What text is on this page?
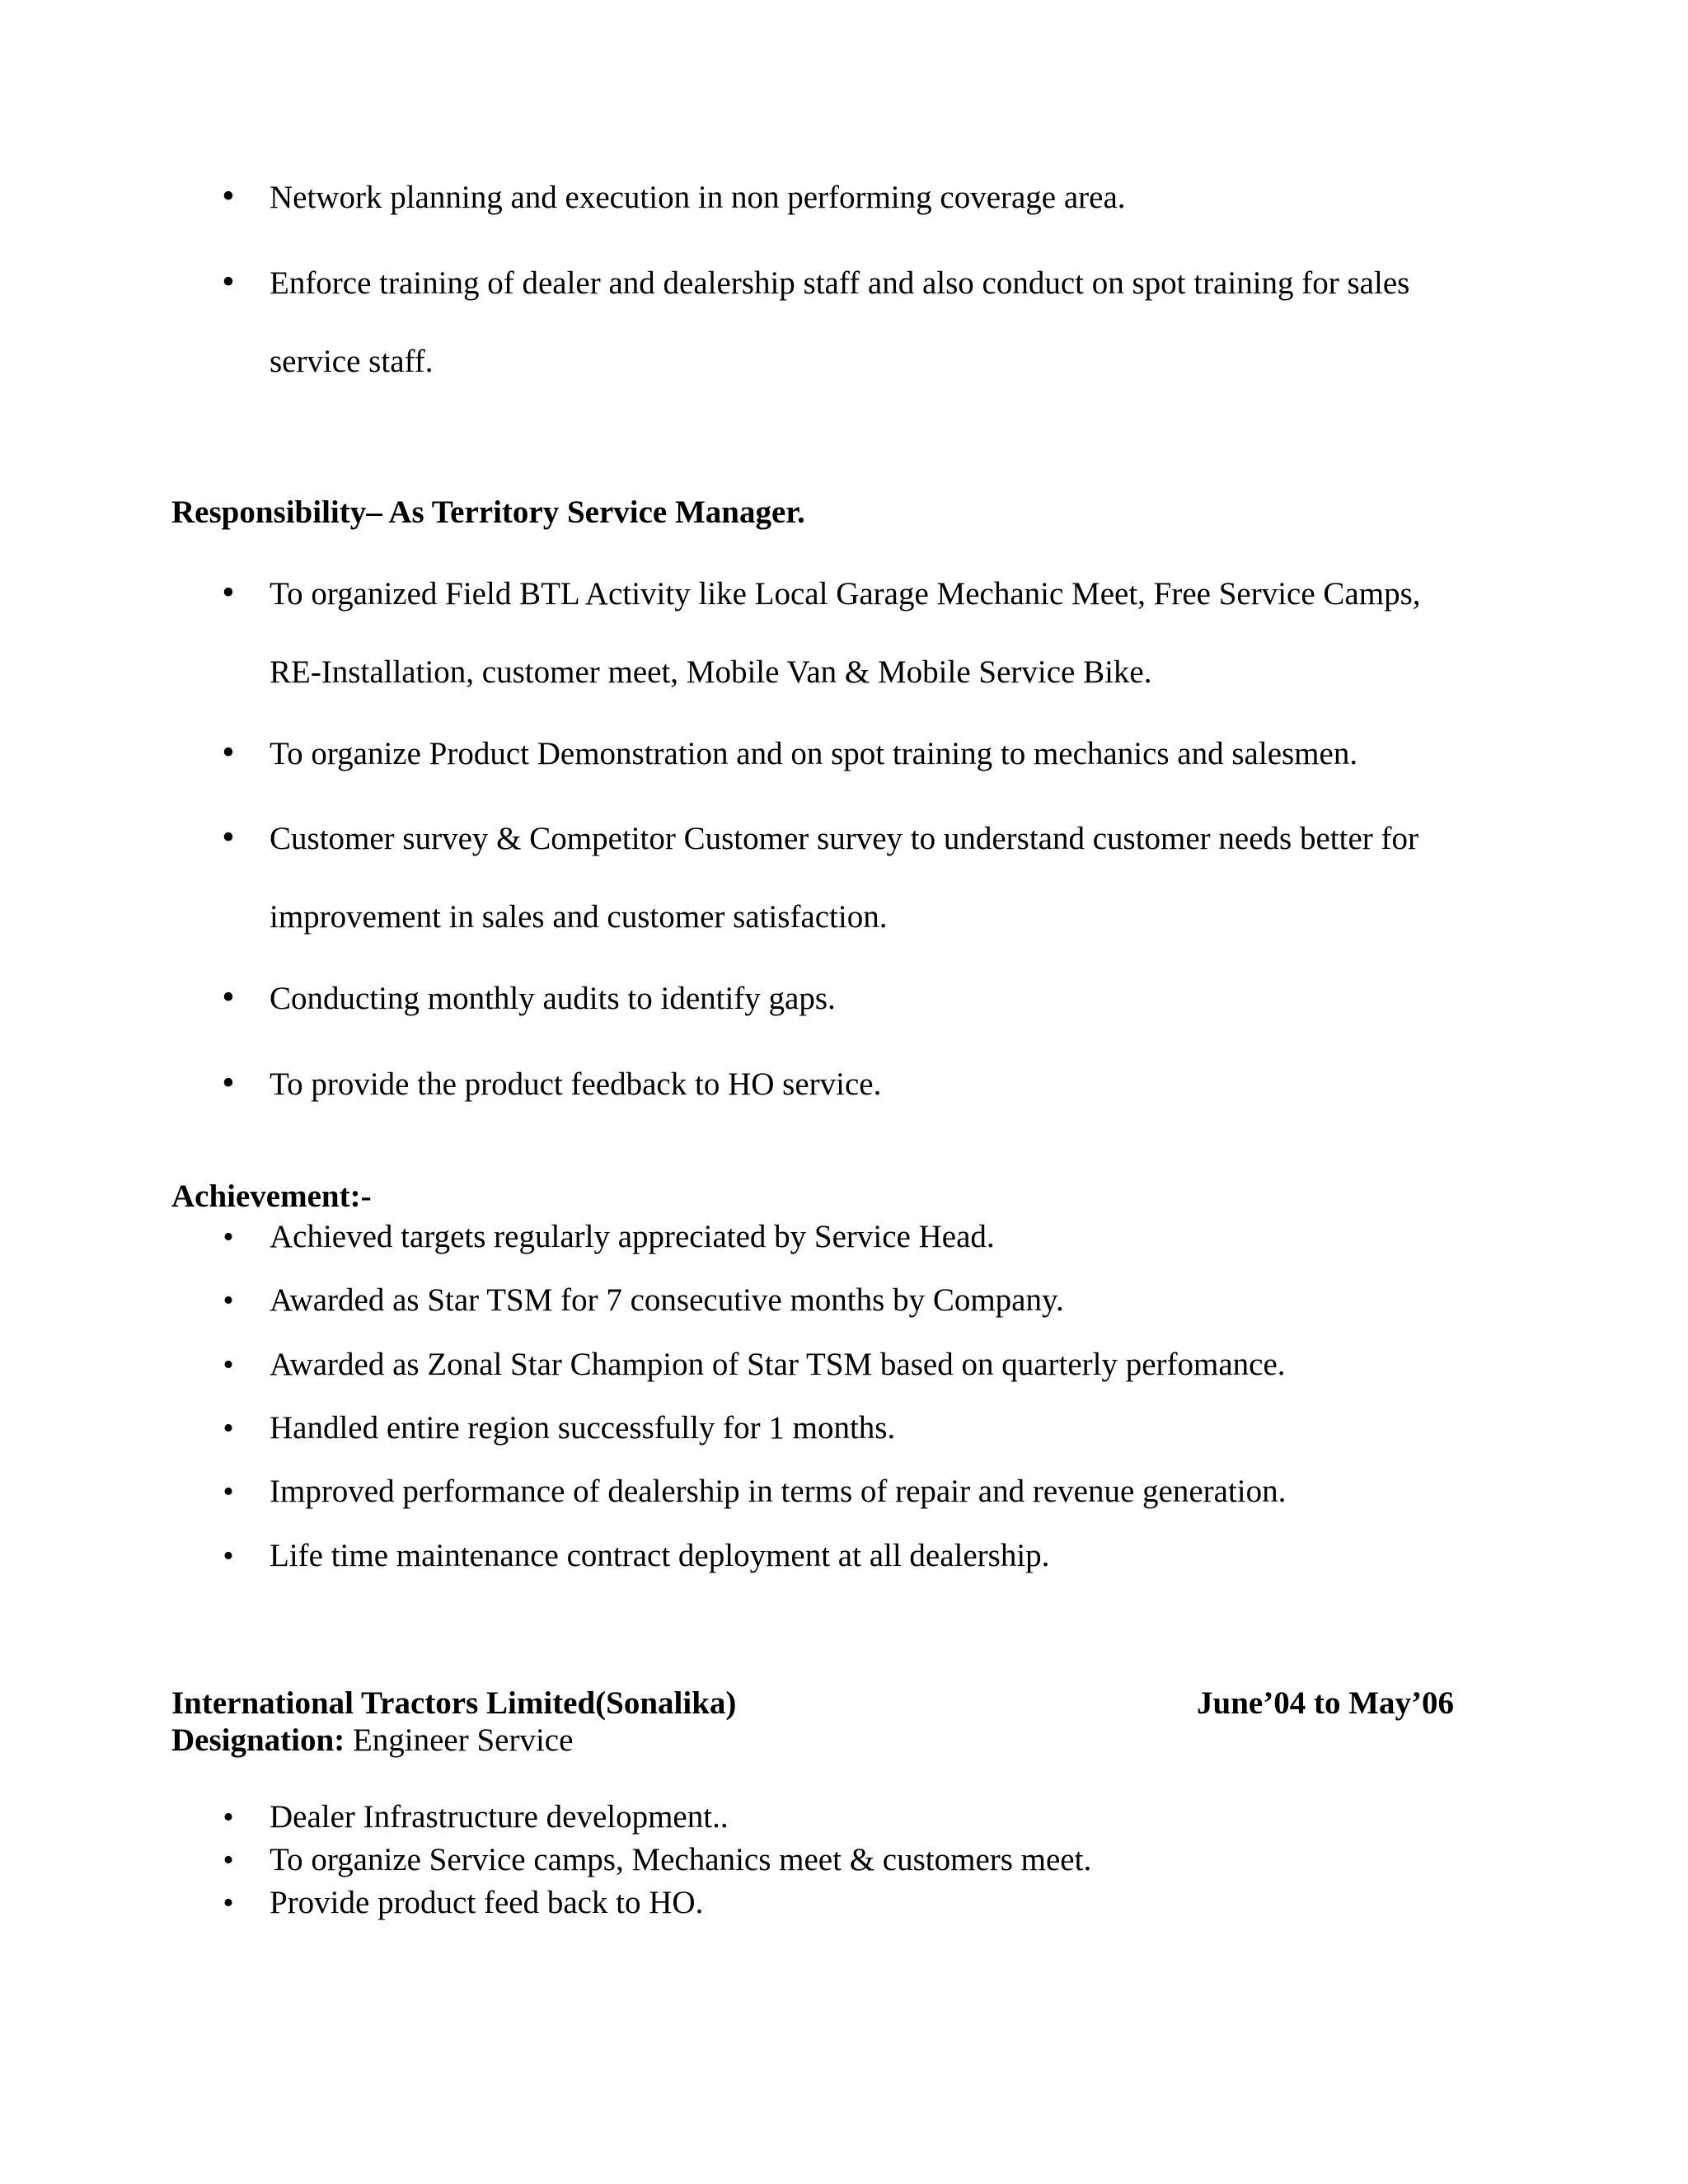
• Network planning and execution in non performing coverage area.
• Enforce training of dealer and dealership staff and also conduct on spot training for sales
service staff.
Responsibility– As Territory Service Manager.
• To organized Field BTL Activity like Local Garage Mechanic Meet, Free Service Camps,
RE-Installation, customer meet, Mobile Van & Mobile Service Bike.
• To organize Product Demonstration and on spot training to mechanics and salesmen.
• Customer survey & Competitor Customer survey to understand customer needs better for
improvement in sales and customer satisfaction.
• Conducting monthly audits to identify gaps.
• To provide the product feedback to HO service.
Achievement:-
• Achieved targets regularly appreciated by Service Head.
• Awarded as Star TSM for 7 consecutive months by Company.
• Awarded as Zonal Star Champion of Star TSM based on quarterly perfomance.
• Handled entire region successfully for 1 months.
• Improved performance of dealership in terms of repair and revenue generation.
• Life time maintenance contract deployment at all dealership.
International Tractors Limited(Sonalika)	June’04 to May’06
Designation: Engineer Service
• Dealer Infrastructure development..
• To organize Service camps, Mechanics meet & customers meet.
• Provide product feed back to HO.
